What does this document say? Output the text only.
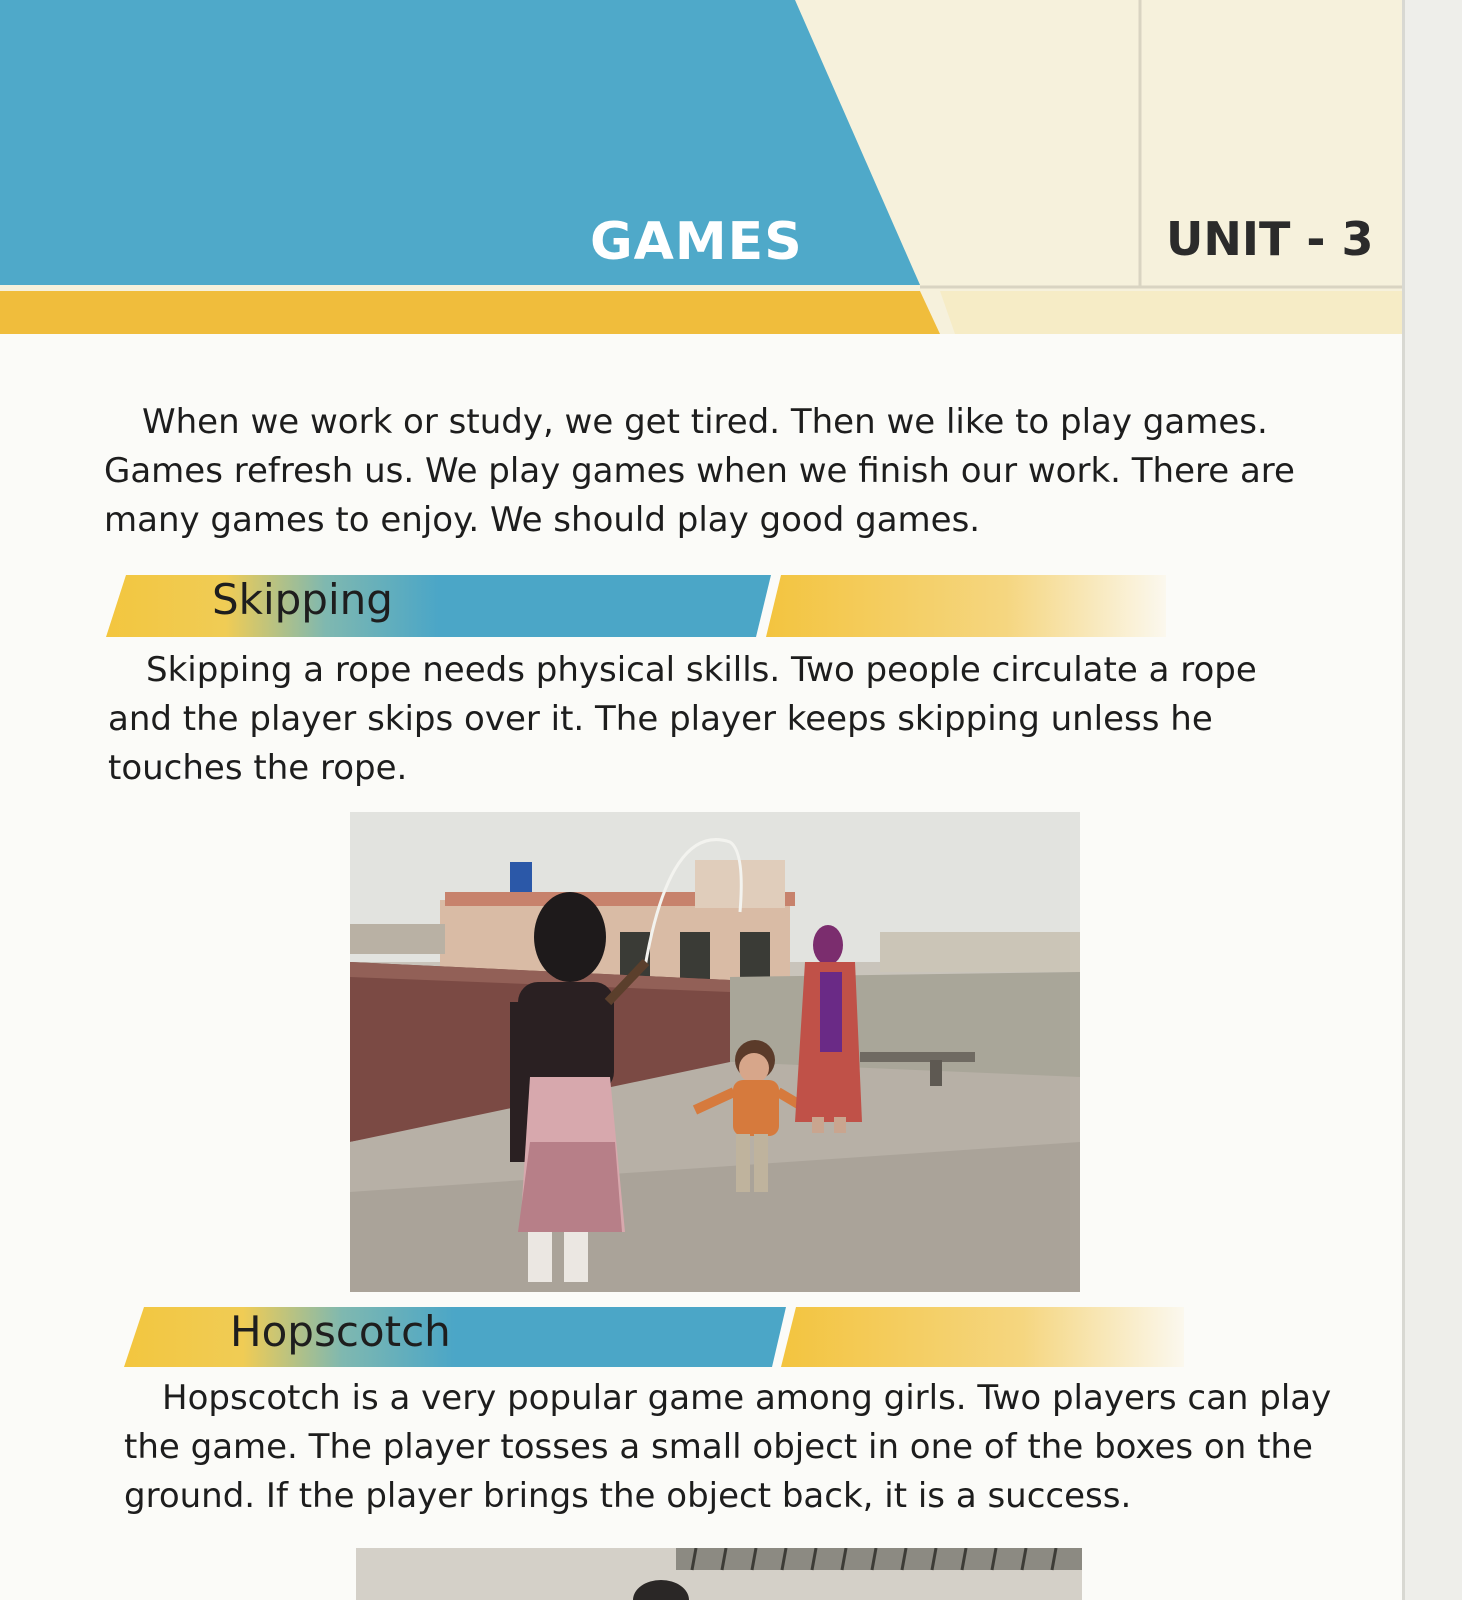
GAMES	UNIT - 3

When we work or study, we get tired. Then we like to play games.
Games refresh us. We play games when we finish our work. There are
many games to enjoy. We should play good games.

Skipping

Skipping a rope needs physical skills. Two people circulate a rope
and the player skips over it. The player keeps skipping unless he
touches the rope.

Hopscotch

Hopscotch is a very popular game among girls. Two players can play
the game. The player tosses a small object in one of the boxes on the
ground. If the player brings the object back, it is a success.
